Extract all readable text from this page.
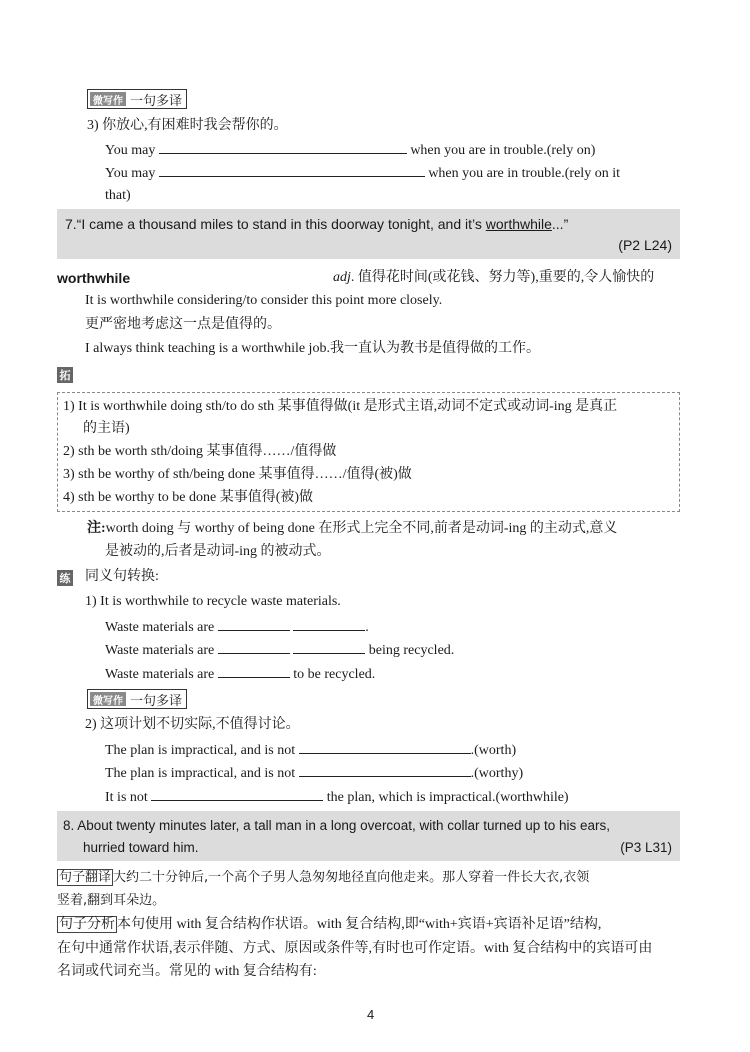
微写作 一句多译
3) 你放心,有困难时我会帮你的。
You may	when you are in trouble.(rely on)
You may	when you are in trouble.(rely on it
that)
7.“I came a thousand miles to stand in this doorway tonight, and it’s worthwhile...”
(P2 L24)
worthwhile	adj. 值得花时间(或花钱、努力等),重要的,令人愉快的
It is worthwhile considering/to consider this point more closely.
更严密地考虑这一点是值得的。
I always think teaching is a worthwhile job.我一直认为教书是值得做的工作。
拓
1) It is worthwhile doing sth/to do sth 某事值得做(it 是形式主语,动词不定式或动词-ing 是真正
的主语)
2) sth be worth sth/doing 某事值得……/值得做
3) sth be worthy of sth/being done 某事值得……/值得(被)做
4) sth be worthy to be done 某事值得(被)做
注:worth doing 与 worthy of being done 在形式上完全不同,前者是动词-ing 的主动式,意义
是被动的,后者是动词-ing 的被动式。
练 同义句转换:
1) It is worthwhile to recycle waste materials.
Waste materials are	.
Waste materials are	being recycled.
Waste materials are	to be recycled.
微写作 一句多译
2) 这项计划不切实际,不值得讨论。
The plan is impractical, and is not	.(worth)
The plan is impractical, and is not	.(worthy)
It is not	the plan, which is impractical.(worthwhile)
8. About twenty minutes later, a tall man in a long overcoat, with collar turned up to his ears,
hurried toward him.	(P3 L31)
句子翻译 大约二十分钟后,一个高个子男人急匆匆地径直向他走来。那人穿着一件长大衣,衣领
竖着,翻到耳朵边。
句子分析 本句使用 with 复合结构作状语。with 复合结构,即“with+宾语+宾语补足语”结构,
在句中通常作状语,表示伴随、方式、原因或条件等,有时也可作定语。with 复合结构中的宾语可由
名词或代词充当。常见的 with 复合结构有:
4
